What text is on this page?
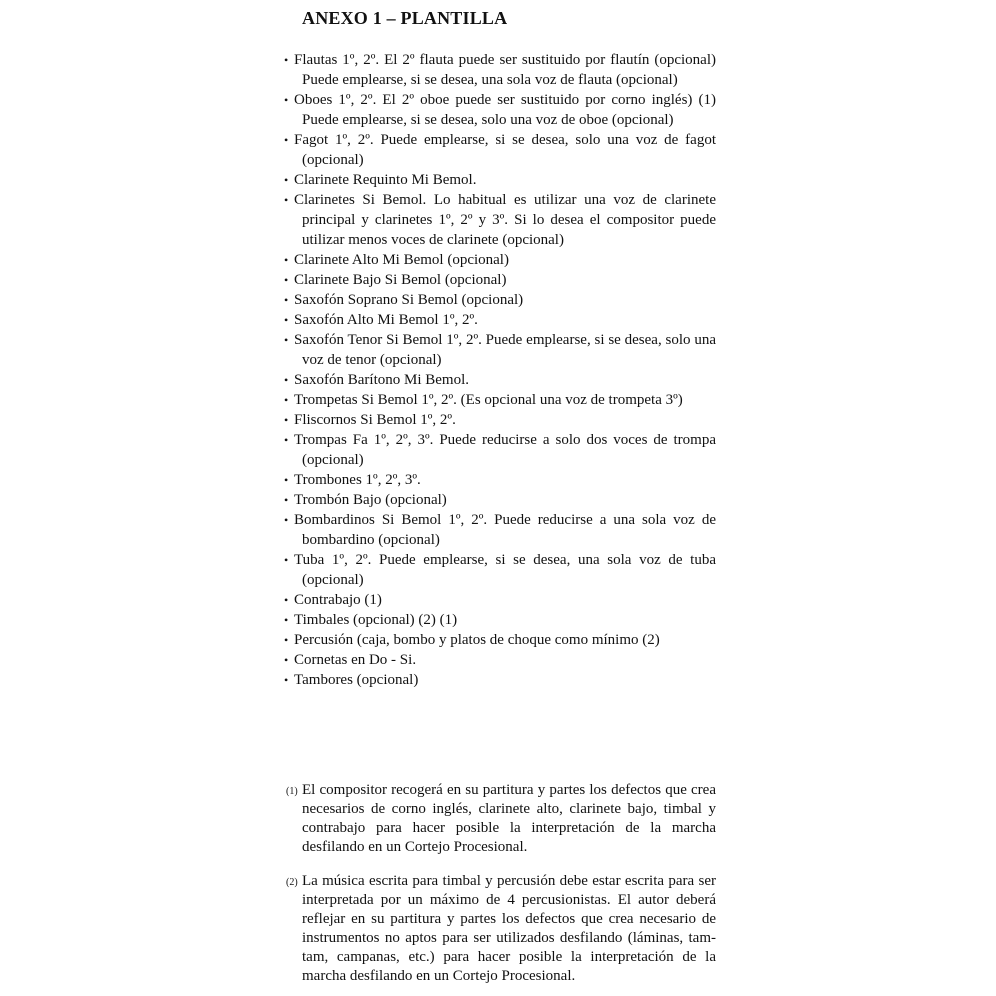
ANEXO 1 – PLANTILLA
• Flautas 1º, 2º. El 2º flauta puede ser sustituido por flautín (opcional) Puede emplearse, si se desea, una sola voz de flauta (opcional)
• Oboes 1º, 2º. El 2º oboe puede ser sustituido por corno inglés) (1) Puede emplearse, si se desea, solo una voz de oboe (opcional)
• Fagot 1º, 2º. Puede emplearse, si se desea, solo una voz de fagot (opcional)
• Clarinete Requinto Mi Bemol.
• Clarinetes Si Bemol. Lo habitual es utilizar una voz de clarinete principal y clarinetes 1º, 2º y 3º. Si lo desea el compositor puede utilizar menos voces de clarinete (opcional)
• Clarinete Alto Mi Bemol (opcional)
• Clarinete Bajo Si Bemol (opcional)
• Saxofón Soprano Si Bemol (opcional)
• Saxofón Alto Mi Bemol 1º, 2º.
• Saxofón Tenor Si Bemol 1º, 2º. Puede emplearse, si se desea, solo una voz de tenor (opcional)
• Saxofón Barítono Mi Bemol.
• Trompetas Si Bemol 1º, 2º. (Es opcional una voz de trompeta 3º)
• Fliscornos Si Bemol 1º, 2º.
• Trompas Fa 1º, 2º, 3º. Puede reducirse a solo dos voces de trompa (opcional)
• Trombones 1º, 2º, 3º.
• Trombón Bajo (opcional)
• Bombardinos Si Bemol 1º, 2º. Puede reducirse a una sola voz de bombardino (opcional)
• Tuba 1º, 2º. Puede emplearse, si se desea, una sola voz de tuba (opcional)
• Contrabajo (1)
• Timbales (opcional) (2) (1)
• Percusión (caja, bombo y platos de choque como mínimo (2)
• Cornetas en Do - Si.
• Tambores (opcional)

(1) El compositor recogerá en su partitura y partes los defectos que crea necesarios de corno inglés, clarinete alto, clarinete bajo, timbal y contrabajo para hacer posible la interpretación de la marcha desfilando en un Cortejo Procesional.

(2) La música escrita para timbal y percusión debe estar escrita para ser interpretada por un máximo de 4 percusionistas. El autor deberá reflejar en su partitura y partes los defectos que crea necesario de instrumentos no aptos para ser utilizados desfilando (láminas, tam-tam, campanas, etc.) para hacer posible la interpretación de la marcha desfilando en un Cortejo Procesional.
